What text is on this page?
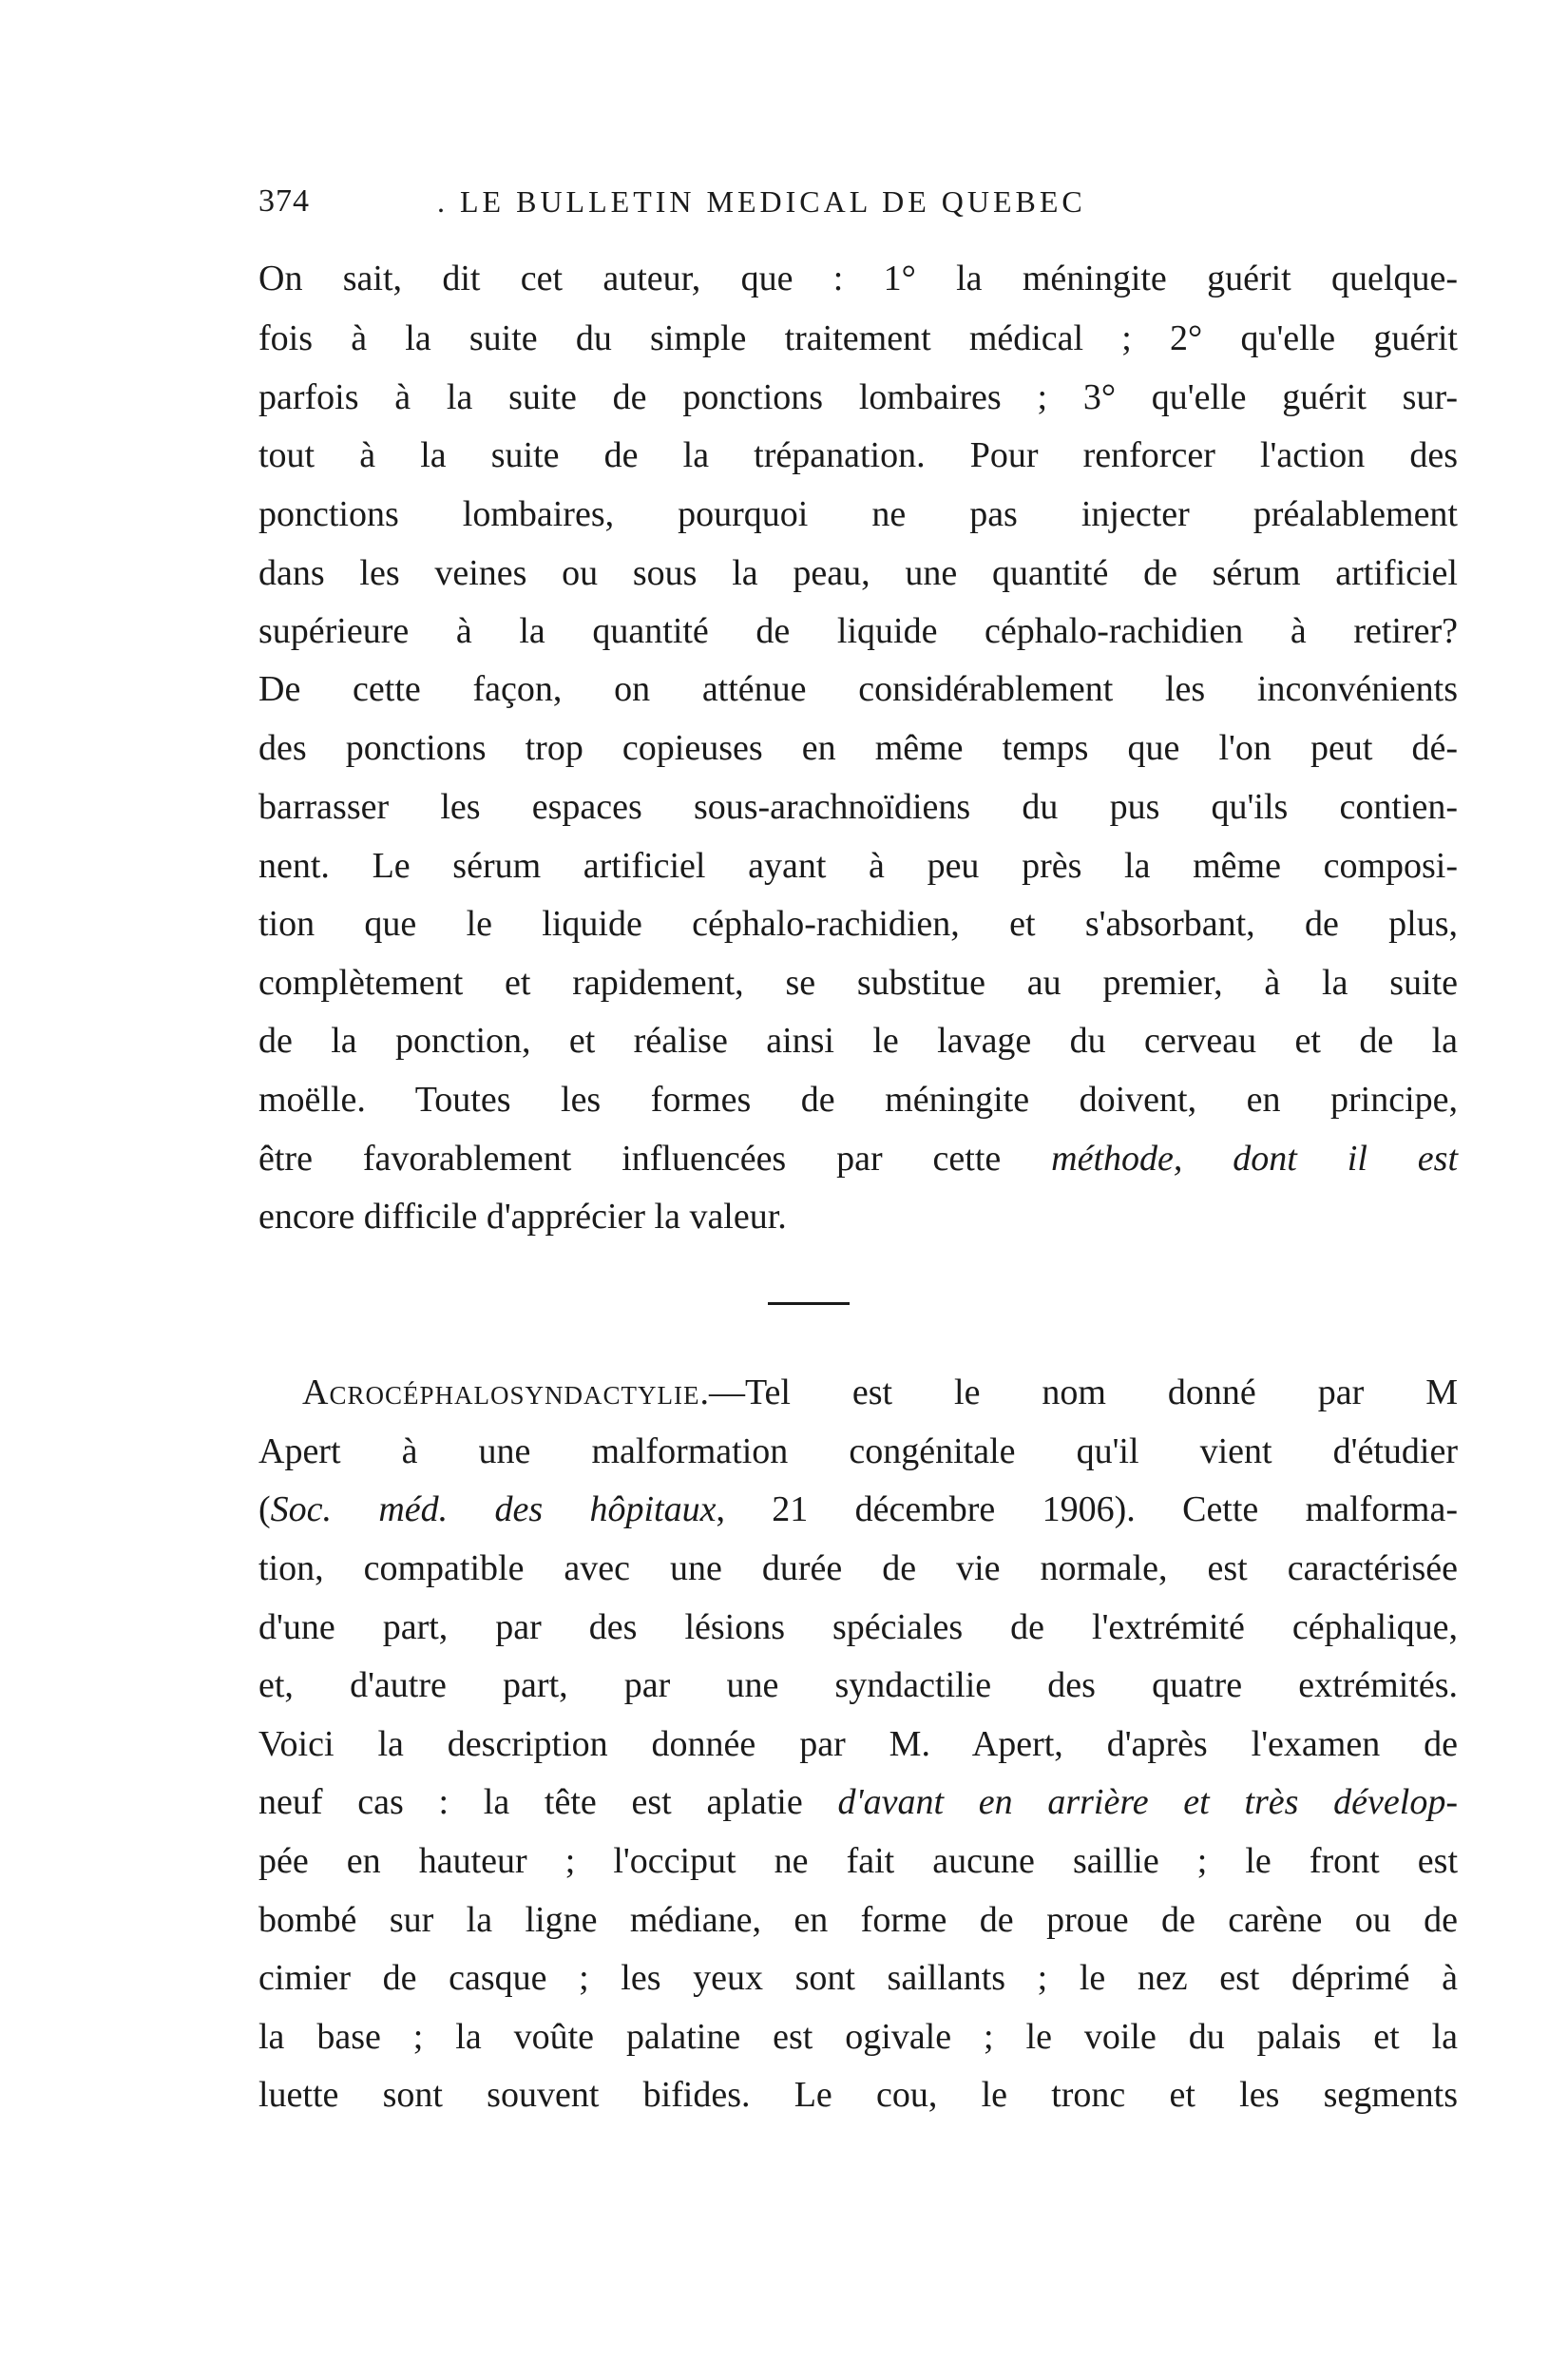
374	. LE BULLETIN MEDICAL DE QUEBEC
On sait, dit cet auteur, que : 1° la méningite guérit quelque-
fois à la suite du simple traitement médical ; 2° qu'elle guérit
parfois à la suite de ponctions lombaires ; 3° qu'elle guérit sur-
tout à la suite de la trépanation. Pour renforcer l'action des
ponctions lombaires, pourquoi ne pas injecter préalablement
dans les veines ou sous la peau, une quantité de sérum artificiel
supérieure à la quantité de liquide céphalo-rachidien à retirer?
De cette façon, on atténue considérablement les inconvénients
des ponctions trop copieuses en même temps que l'on peut dé-
barrasser les espaces sous-arachnoïdiens du pus qu'ils contien-
nent. Le sérum artificiel ayant à peu près la même composi-
tion que le liquide céphalo-rachidien, et s'absorbant, de plus,
complètement et rapidement, se substitue au premier, à la suite
de la ponction, et réalise ainsi le lavage du cerveau et de la
moëlle. Toutes les formes de méningite doivent, en principe,
être favorablement influencées par cette méthode, dont il est
encore difficile d'apprécier la valeur.
Acrocéphalosyndactylie.—Tel est le nom donné par M
Apert à une malformation congénitale qu'il vient d'étudier
(Soc. méd. des hôpitaux, 21 décembre 1906). Cette malforma-
tion, compatible avec une durée de vie normale, est caractérisée
d'une part, par des lésions spéciales de l'extrémité céphalique,
et, d'autre part, par une syndactilie des quatre extrémités.
Voici la description donnée par M. Apert, d'après l'examen de
neuf cas : la tête est aplatie d'avant en arrière et très dévelop-
pée en hauteur ; l'occiput ne fait aucune saillie ; le front est
bombé sur la ligne médiane, en forme de proue de carène ou de
cimier de casque ; les yeux sont saillants ; le nez est déprimé à
la base ; la voûte palatine est ogivale ; le voile du palais et la
luette sont souvent bifides. Le cou, le tronc et les segments
